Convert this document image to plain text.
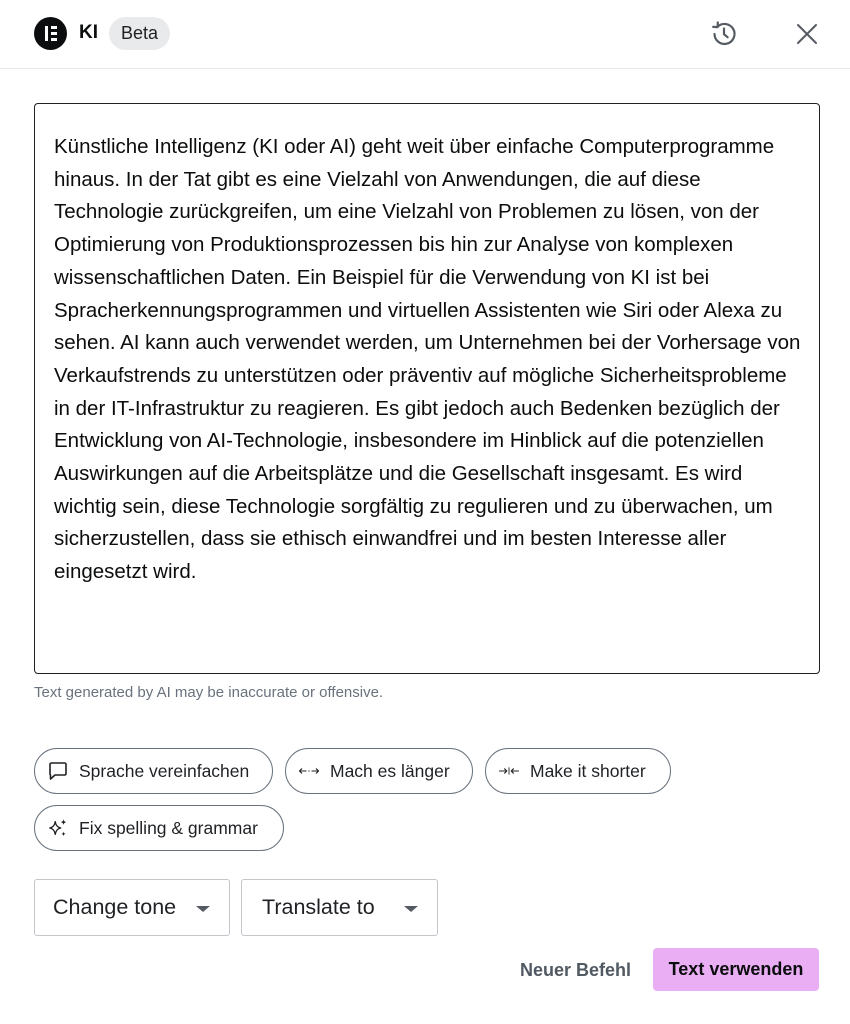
KI	Beta

Künstliche Intelligenz (KI oder AI) geht weit über einfache Computerprogramme hinaus. In der Tat gibt es eine Vielzahl von Anwendungen, die auf diese Technologie zurückgreifen, um eine Vielzahl von Problemen zu lösen, von der Optimierung von Produktionsprozessen bis hin zur Analyse von komplexen wissenschaftlichen Daten. Ein Beispiel für die Verwendung von KI ist bei Spracherkennungsprogrammen und virtuellen Assistenten wie Siri oder Alexa zu sehen. AI kann auch verwendet werden, um Unternehmen bei der Vorhersage von Verkaufstrends zu unterstützen oder präventiv auf mögliche Sicherheitsprobleme in der IT-Infrastruktur zu reagieren. Es gibt jedoch auch Bedenken bezüglich der Entwicklung von AI-Technologie, insbesondere im Hinblick auf die potenziellen Auswirkungen auf die Arbeitsplätze und die Gesellschaft insgesamt. Es wird wichtig sein, diese Technologie sorgfältig zu regulieren und zu überwachen, um sicherzustellen, dass sie ethisch einwandfrei und im besten Interesse aller eingesetzt wird.

Text generated by AI may be inaccurate or offensive.
Sprache vereinfachen	Mach es länger	Make it shorter
Fix spelling & grammar
Change tone	Translate to
Neuer Befehl	Text verwenden
